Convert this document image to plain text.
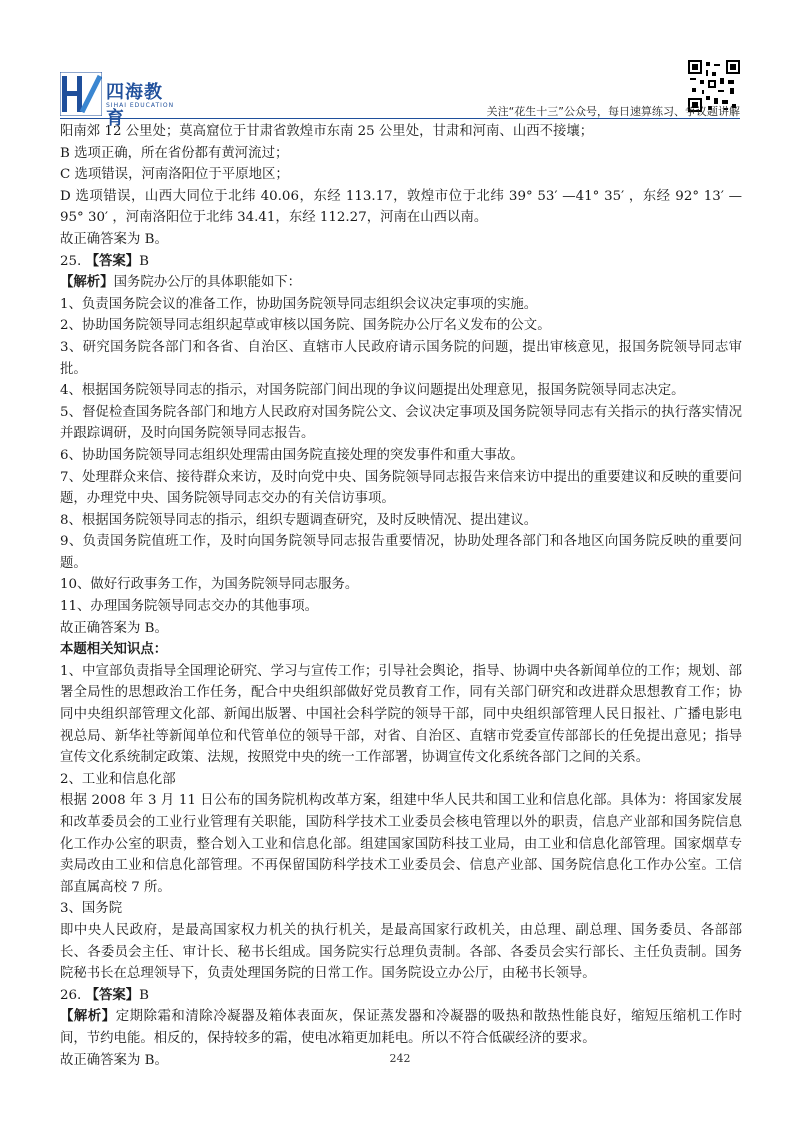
四海教育
SIHAI EDUCATION	关注“花生十三”公众号，每日速算练习、争议题讲解

阳南郊 12 公里处；莫高窟位于甘肃省敦煌市东南 25 公里处，甘肃和河南、山西不接壤；

B 选项正确，所在省份都有黄河流过；

C 选项错误，河南洛阳位于平原地区；

D 选项错误，山西大同位于北纬 40.06，东经 113.17，敦煌市位于北纬 39° 53′ —41° 35′ ，东经 92° 13′ —95° 30′ ，河南洛阳位于北纬 34.41，东经 112.27，河南在山西以南。

故正确答案为 B。

25. 【答案】B

【解析】国务院办公厅的具体职能如下：

1、负责国务院会议的准备工作，协助国务院领导同志组织会议决定事项的实施。

2、协助国务院领导同志组织起草或审核以国务院、国务院办公厅名义发布的公文。

3、研究国务院各部门和各省、自治区、直辖市人民政府请示国务院的问题，提出审核意见，报国务院领导同志审批。

4、根据国务院领导同志的指示，对国务院部门间出现的争议问题提出处理意见，报国务院领导同志决定。

5、督促检查国务院各部门和地方人民政府对国务院公文、会议决定事项及国务院领导同志有关指示的执行落实情况并跟踪调研，及时向国务院领导同志报告。

6、协助国务院领导同志组织处理需由国务院直接处理的突发事件和重大事故。

7、处理群众来信、接待群众来访，及时向党中央、国务院领导同志报告来信来访中提出的重要建议和反映的重要问题，办理党中央、国务院领导同志交办的有关信访事项。

8、根据国务院领导同志的指示，组织专题调查研究，及时反映情况、提出建议。

9、负责国务院值班工作，及时向国务院领导同志报告重要情况，协助处理各部门和各地区向国务院反映的重要问题。

10、做好行政事务工作，为国务院领导同志服务。

11、办理国务院领导同志交办的其他事项。

故正确答案为 B。

本题相关知识点：

1、中宣部负责指导全国理论研究、学习与宣传工作；引导社会舆论，指导、协调中央各新闻单位的工作；规划、部署全局性的思想政治工作任务，配合中央组织部做好党员教育工作，同有关部门研究和改进群众思想教育工作；协同中央组织部管理文化部、新闻出版署、中国社会科学院的领导干部，同中央组织部管理人民日报社、广播电影电视总局、新华社等新闻单位和代管单位的领导干部，对省、自治区、直辖市党委宣传部部长的任免提出意见；指导宣传文化系统制定政策、法规，按照党中央的统一工作部署，协调宣传文化系统各部门之间的关系。

2、工业和信息化部

根据 2008 年 3 月 11 日公布的国务院机构改革方案，组建中华人民共和国工业和信息化部。具体为：将国家发展和改革委员会的工业行业管理有关职能，国防科学技术工业委员会核电管理以外的职责，信息产业部和国务院信息化工作办公室的职责，整合划入工业和信息化部。组建国家国防科技工业局，由工业和信息化部管理。国家烟草专卖局改由工业和信息化部管理。不再保留国防科学技术工业委员会、信息产业部、国务院信息化工作办公室。工信部直属高校 7 所。

3、国务院

即中央人民政府，是最高国家权力机关的执行机关，是最高国家行政机关，由总理、副总理、国务委员、各部部长、各委员会主任、审计长、秘书长组成。国务院实行总理负责制。各部、各委员会实行部长、主任负责制。国务院秘书长在总理领导下，负责处理国务院的日常工作。国务院设立办公厅，由秘书长领导。

26. 【答案】B

【解析】定期除霜和清除冷凝器及箱体表面灰，保证蒸发器和冷凝器的吸热和散热性能良好，缩短压缩机工作时间，节约电能。相反的，保持较多的霜，使电冰箱更加耗电。所以不符合低碳经济的要求。

故正确答案为 B。	242
